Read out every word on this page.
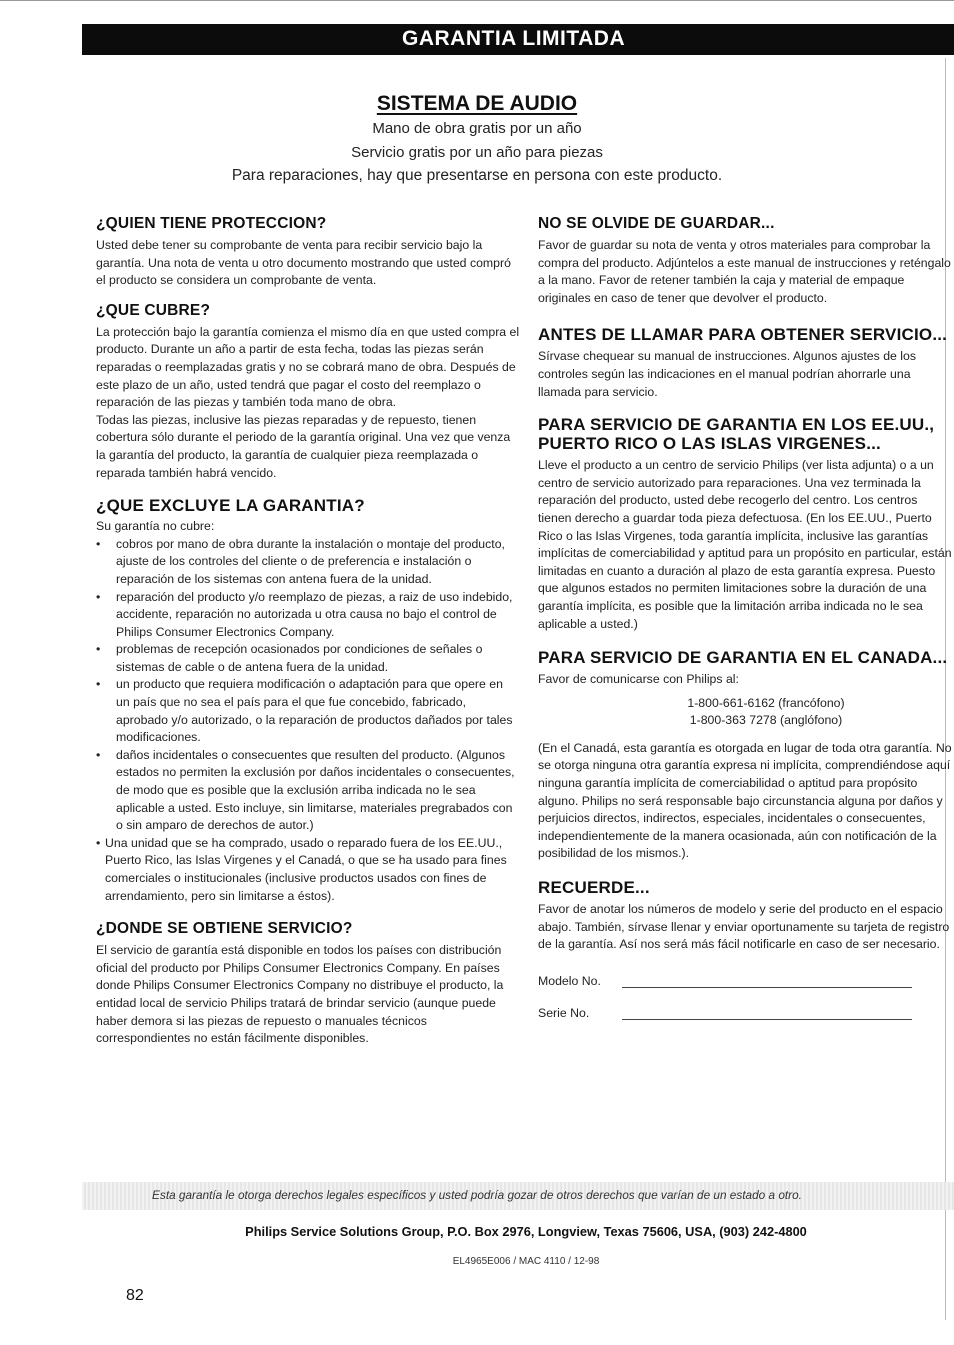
GARANTIA LIMITADA
SISTEMA DE AUDIO
Mano de obra gratis por un año
Servicio gratis por un año para piezas
Para reparaciones, hay que presentarse en persona con este producto.
¿QUIEN TIENE PROTECCION?

Usted debe tener su comprobante de venta para recibir servicio bajo la garantía. Una nota de venta u otro documento mostrando que usted compró el producto se considera un comprobante de venta.

¿QUE CUBRE?

La protección bajo la garantía comienza el mismo día en que usted compra el producto. Durante un año a partir de esta fecha, todas las piezas serán reparadas o reemplazadas gratis y no se cobrará mano de obra. Después de este plazo de un año, usted tendrá que pagar el costo del reemplazo o reparación de las piezas y también toda mano de obra.

Todas las piezas, inclusive las piezas reparadas y de repuesto, tienen cobertura sólo durante el periodo de la garantía original. Una vez que venza la garantía del producto, la garantía de cualquier pieza reemplazada o reparada también habrá vencido.

¿QUE EXCLUYE LA GARANTIA?

Su garantía no cubre:

• cobros por mano de obra durante la instalación o montaje del producto, ajuste de los controles del cliente o de preferencia e instalación o reparación de los sistemas con antena fuera de la unidad.
• reparación del producto y/o reemplazo de piezas, a raiz de uso indebido, accidente, reparación no autorizada u otra causa no bajo el control de Philips Consumer Electronics Company.
• problemas de recepción ocasionados por condiciones de señales o sistemas de cable o de antena fuera de la unidad.
• un producto que requiera modificación o adaptación para que opere en un país que no sea el país para el que fue concebido, fabricado, aprobado y/o autorizado, o la reparación de productos dañados por tales modificaciones.
• daños incidentales o consecuentes que resulten del producto. (Algunos estados no permiten la exclusión por daños incidentales o consecuentes, de modo que es posible que la exclusión arriba indicada no le sea aplicable a usted. Esto incluye, sin limitarse, materiales pregrabados con o sin amparo de derechos de autor.)
• Una unidad que se ha comprado, usado o reparado fuera de los EE.UU., Puerto Rico, las Islas Virgenes y el Canadá, o que se ha usado para fines comerciales o institucionales (inclusive productos usados con fines de arrendamiento, pero sin limitarse a éstos).
¿DONDE SE OBTIENE SERVICIO?

El servicio de garantía está disponible en todos los países con distribución oficial del producto por Philips Consumer Electronics Company. En países donde Philips Consumer Electronics Company no distribuye el producto, la entidad local de servicio Philips tratará de brindar servicio (aunque puede haber demora si las piezas de repuesto o manuales técnicos correspondientes no están fácilmente disponibles.

NO SE OLVIDE DE GUARDAR...

Favor de guardar su nota de venta y otros materiales para comprobar la compra del producto. Adjúntelos a este manual de instrucciones y reténgalo a la mano. Favor de retener también la caja y material de empaque originales en caso de tener que devolver el producto.

ANTES DE LLAMAR PARA OBTENER SERVICIO...

Sírvase chequear su manual de instrucciones. Algunos ajustes de los controles según las indicaciones en el manual podrían ahorrarle una llamada para servicio.

PARA SERVICIO DE GARANTIA EN LOS EE.UU., PUERTO RICO O LAS ISLAS VIRGENES...

Lleve el producto a un centro de servicio Philips (ver lista adjunta) o a un centro de servicio autorizado para reparaciones. Una vez terminada la reparación del producto, usted debe recogerlo del centro. Los centros tienen derecho a guardar toda pieza defectuosa. (En los EE.UU., Puerto Rico o las Islas Virgenes, toda garantía implícita, inclusive las garantías implícitas de comerciabilidad y aptitud para un propósito en particular, están limitadas en cuanto a duración al plazo de esta garantía expresa. Puesto que algunos estados no permiten limitaciones sobre la duración de una garantía implícita, es posible que la limitación arriba indicada no le sea aplicable a usted.)

PARA SERVICIO DE GARANTIA EN EL CANADA...

Favor de comunicarse con Philips al:

1-800-661-6162 (francófono)
1-800-363 7278 (anglófono)

(En el Canadá, esta garantía es otorgada en lugar de toda otra garantía. No se otorga ninguna otra garantía expresa ni implícita, comprendiéndose aquí ninguna garantía implícita de comerciabilidad o aptitud para propósito alguno. Philips no será responsable bajo circunstancia alguna por daños y perjuicios directos, indirectos, especiales, incidentales o consecuentes, independientemente de la manera ocasionada, aún con notificación de la posibilidad de los mismos.).

RECUERDE...

Favor de anotar los números de modelo y serie del producto en el espacio abajo. También, sírvase llenar y enviar oportunamente su tarjeta de registro de la garantía. Así nos será más fácil notificarle en caso de ser necesario.

Modelo No.
Serie No.
Esta garantía le otorga derechos legales específicos y usted podría gozar de otros derechos que varían de un estado a otro.
Philips Service Solutions Group, P.O. Box 2976, Longview, Texas 75606, USA, (903) 242-4800
EL4965E006 / MAC 4110 / 12-98
82
